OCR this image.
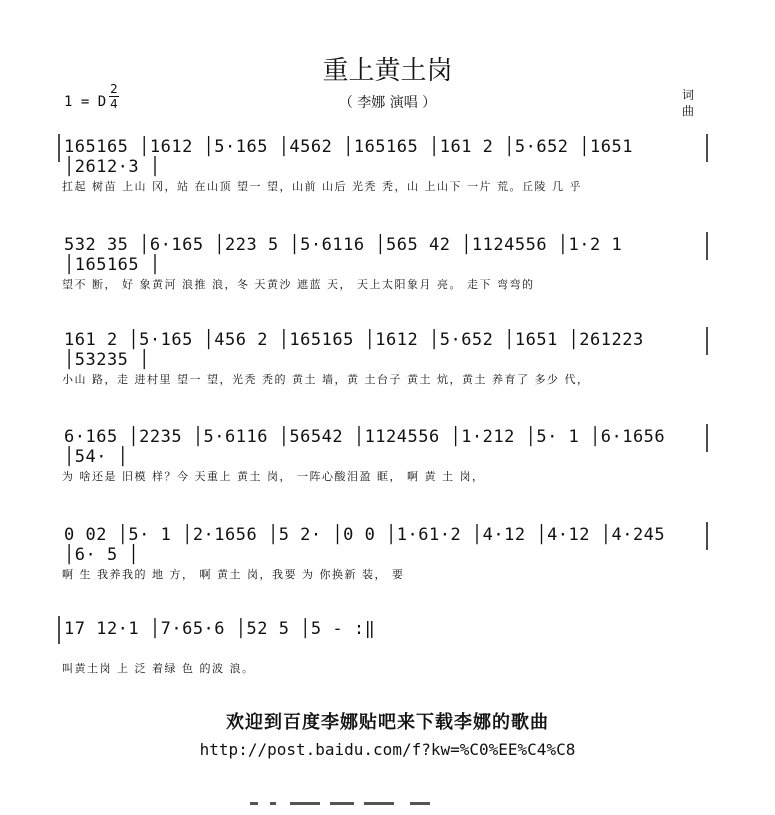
重上黄土岗
（ 李娜 演唱 ）
1 = D
2
4
词
曲
165165 │1612 │5·165 │4562 │165165 │161 2 │5·652 │1651 │2612·3 │
扛起 树苗 上山 冈，站 在山顶 望一 望，山前 山后 光秃 秃，山 上山下 一片 荒。丘陵 几 乎
532 35 │6·165 │223 5 │5·6116 │565 42 │1124556 │1·2 1 │165165 │
望不 断， 好 象黄河 浪推 浪，冬 天黄沙 遮蓝 天， 天上太阳象月 亮。 走下 弯弯的
161 2 │5·165 │456 2 │165165 │1612 │5·652 │1651 │261223 │53235 │
小山 路，走 进村里 望一 望，光秃 秃的 黄土 墙，黄 土台子 黄土 炕，黄土 养育了 多少 代，
6·165 │2235 │5·6116 │56542 │1124556 │1·212 │5· 1 │6·1656 │54· │
为 啥还是 旧模 样？今 天重上 黄土 岗， 一阵心酸泪盈 眶， 啊 黄 土 岗，
0 02 │5· 1 │2·1656 │5 2· │0 0 │1·61·2 │4·12 │4·12 │4·245 │6· 5 │
啊 生 我养我的 地 方， 啊 黄土 岗，我要 为 你换新 装， 要
17 12·1 │7·65·6 │52 5 │5 - :‖
叫黄土岗 上 泛 着绿 色 的波 浪。
欢迎到百度李娜贴吧来下载李娜的歌曲
http://post.baidu.com/f?kw=%C0%EE%C4%C8
